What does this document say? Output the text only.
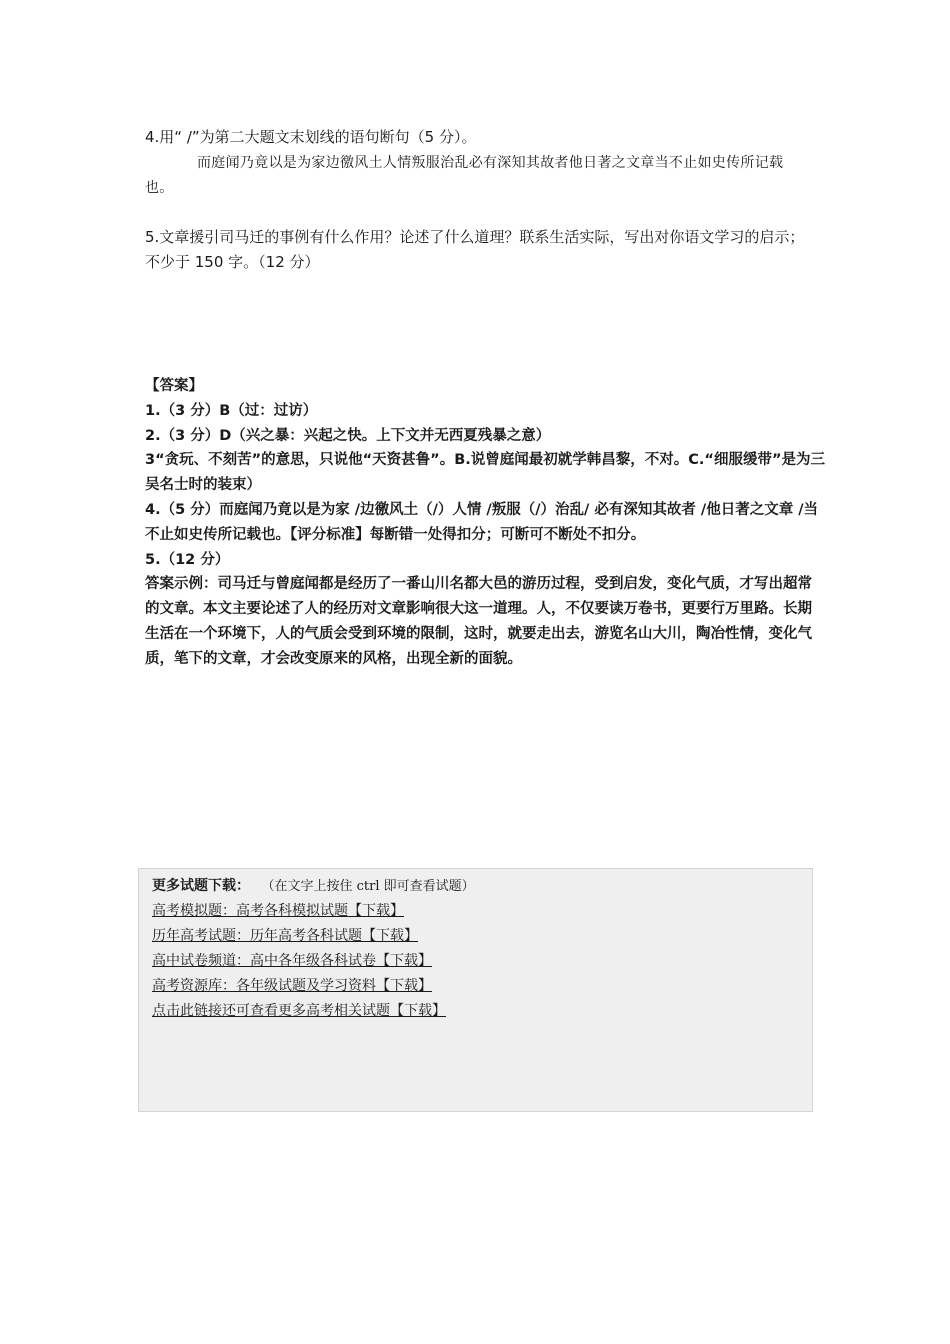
4.用“ /”为第二大题文末划线的语句断句（5 分）。
而庭闻乃竟以是为家边徼风土人情叛服治乱必有深知其故者他日著之文章当不止如史传所记载也。
5.文章援引司马迁的事例有什么作用？论述了什么道理？联系生活实际，写出对你语文学习的启示；不少于 150 字。（12 分）

【答案】

1.（3 分）B（过：过访）

2.（3 分）D（兴之暴：兴起之快。上下文并无西夏残暴之意）

3“贪玩、不刻苦”的意思，只说他“天资甚鲁”。B.说曾庭闻最初就学韩昌黎，不对。C.“细服缓带”是为三吴名士时的装束）

4.（5 分）而庭闻乃竟以是为家 /边徼风土（/）人情 /叛服（/）治乱/ 必有深知其故者 /他日著之文章 /当不止如史传所记载也。【评分标准】每断错一处得扣分；可断可不断处不扣分。

5.（12 分）

答案示例：司马迁与曾庭闻都是经历了一番山川名都大邑的游历过程，受到启发，变化气质，才写出超常的文章。本文主要论述了人的经历对文章影响很大这一道理。人，不仅要读万卷书，更要行万里路。长期生活在一个环境下，人的气质会受到环境的限制，这时，就要走出去，游览名山大川，陶冶性情，变化气质，笔下的文章，才会改变原来的风格，出现全新的面貌。

更多试题下载： （在文字上按住 ctrl 即可查看试题）
高考模拟题：高考各科模拟试题【下载】
历年高考试题：历年高考各科试题【下载】
高中试卷频道：高中各年级各科试卷【下载】
高考资源库：各年级试题及学习资料【下载】
点击此链接还可查看更多高考相关试题【下载】
